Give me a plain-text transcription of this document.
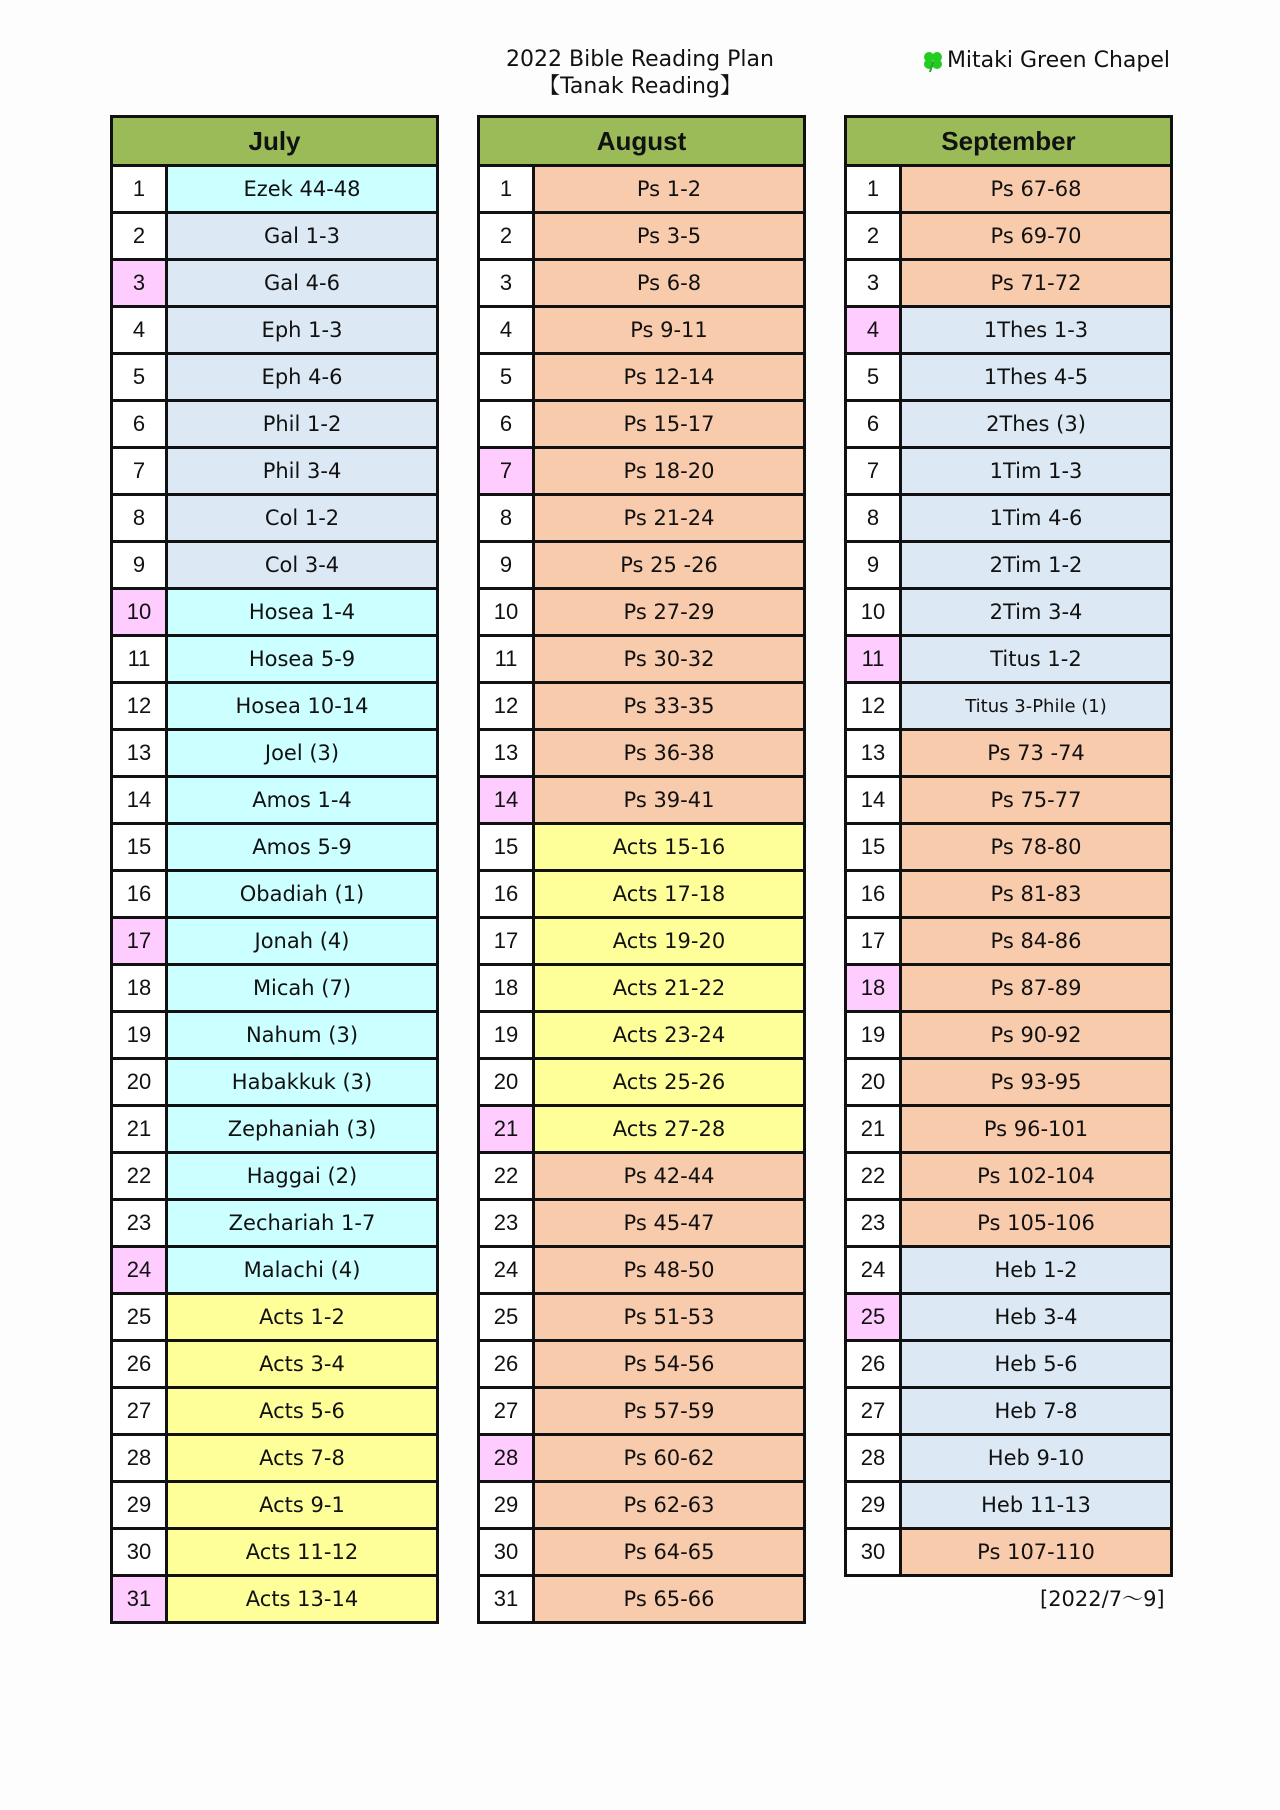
2022 Bible Reading Plan
【Tanak Reading】
Mitaki Green Chapel
July
1	Ezek 44-48
2	Gal 1-3
3	Gal 4-6
4	Eph 1-3
5	Eph 4-6
6	Phil 1-2
7	Phil 3-4
8	Col 1-2
9	Col 3-4
10	Hosea 1-4
11	Hosea 5-9
12	Hosea 10-14
13	Joel (3)
14	Amos 1-4
15	Amos 5-9
16	Obadiah (1)
17	Jonah (4)
18	Micah (7)
19	Nahum (3)
20	Habakkuk (3)
21	Zephaniah (3)
22	Haggai (2)
23	Zechariah 1-7
24	Malachi (4)
25	Acts 1-2
26	Acts 3-4
27	Acts 5-6
28	Acts 7-8
29	Acts 9-1
30	Acts 11-12
31	Acts 13-14
August
1	Ps 1-2
2	Ps 3-5
3	Ps 6-8
4	Ps 9-11
5	Ps 12-14
6	Ps 15-17
7	Ps 18-20
8	Ps 21-24
9	Ps 25 -26
10	Ps 27-29
11	Ps 30-32
12	Ps 33-35
13	Ps 36-38
14	Ps 39-41
15	Acts 15-16
16	Acts 17-18
17	Acts 19-20
18	Acts 21-22
19	Acts 23-24
20	Acts 25-26
21	Acts 27-28
22	Ps 42-44
23	Ps 45-47
24	Ps 48-50
25	Ps 51-53
26	Ps 54-56
27	Ps 57-59
28	Ps 60-62
29	Ps 62-63
30	Ps 64-65
31	Ps 65-66
September
1	Ps 67-68
2	Ps 69-70
3	Ps 71-72
4	1Thes 1-3
5	1Thes 4-5
6	2Thes (3)
7	1Tim 1-3
8	1Tim 4-6
9	2Tim 1-2
10	2Tim 3-4
11	Titus 1-2
12	Titus 3-Phile (1)
13	Ps 73 -74
14	Ps 75-77
15	Ps 78-80
16	Ps 81-83
17	Ps 84-86
18	Ps 87-89
19	Ps 90-92
20	Ps 93-95
21	Ps 96-101
22	Ps 102-104
23	Ps 105-106
24	Heb 1-2
25	Heb 3-4
26	Heb 5-6
27	Heb 7-8
28	Heb 9-10
29	Heb 11-13
30	Ps 107-110
[2022/7～9]
